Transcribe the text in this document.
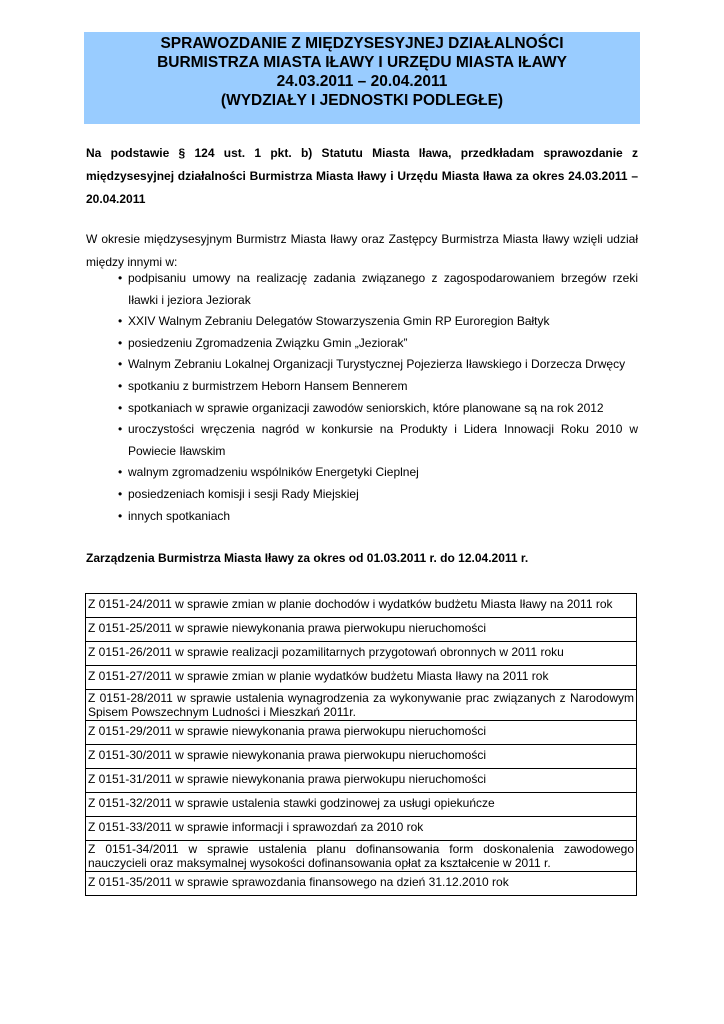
SPRAWOZDANIE Z MIĘDZYSESYJNEJ DZIAŁALNOŚCI
BURMISTRZA MIASTA IŁAWY I URZĘDU MIASTA IŁAWY
24.03.2011 – 20.04.2011
(WYDZIAŁY I JEDNOSTKI PODLEGŁE)
Na podstawie § 124 ust. 1 pkt. b) Statutu Miasta Iława, przedkładam sprawozdanie z międzysesyjnej działalności Burmistrza Miasta Iławy i Urzędu Miasta Iława za okres 24.03.2011 – 20.04.2011
W okresie międzysesyjnym Burmistrz Miasta Iławy oraz Zastępcy Burmistrza Miasta Iławy wzięli udział między innymi w:
• podpisaniu umowy na realizację zadania związanego z zagospodarowaniem brzegów rzeki Iławki i jeziora Jeziorak
• XXIV Walnym Zebraniu Delegatów Stowarzyszenia Gmin RP Euroregion Bałtyk
• posiedzeniu Zgromadzenia Związku Gmin „Jeziorak”
• Walnym Zebraniu Lokalnej Organizacji Turystycznej Pojezierza Iławskiego i Dorzecza Drwęcy
• spotkaniu z burmistrzem Heborn Hansem Bennerem
• spotkaniach w sprawie organizacji zawodów seniorskich, które planowane są na rok 2012
• uroczystości wręczenia nagród w konkursie na Produkty i Lidera Innowacji Roku 2010 w Powiecie Iławskim
• walnym zgromadzeniu wspólników Energetyki Cieplnej
• posiedzeniach komisji i sesji Rady Miejskiej
• innych spotkaniach
Zarządzenia Burmistrza Miasta Iławy za okres od 01.03.2011 r. do 12.04.2011 r.
Z 0151-24/2011 w sprawie zmian w planie dochodów i wydatków budżetu Miasta Iławy na 2011 rok
Z 0151-25/2011 w sprawie niewykonania prawa pierwokupu nieruchomości
Z 0151-26/2011 w sprawie realizacji pozamilitarnych przygotowań obronnych w 2011 roku
Z 0151-27/2011 w sprawie zmian w planie wydatków budżetu Miasta Iławy na 2011 rok
Z 0151-28/2011 w sprawie ustalenia wynagrodzenia za wykonywanie prac związanych z Narodowym Spisem Powszechnym Ludności i Mieszkań 2011r.
Z 0151-29/2011 w sprawie niewykonania prawa pierwokupu nieruchomości
Z 0151-30/2011 w sprawie niewykonania prawa pierwokupu nieruchomości
Z 0151-31/2011 w sprawie niewykonania prawa pierwokupu nieruchomości
Z 0151-32/2011 w sprawie ustalenia stawki godzinowej za usługi opiekuńcze
Z 0151-33/2011 w sprawie informacji i sprawozdań za 2010 rok
Z 0151-34/2011 w sprawie ustalenia planu dofinansowania form doskonalenia zawodowego nauczycieli oraz maksymalnej wysokości dofinansowania opłat za kształcenie w 2011 r.
Z 0151-35/2011 w sprawie sprawozdania finansowego na dzień 31.12.2010 rok
